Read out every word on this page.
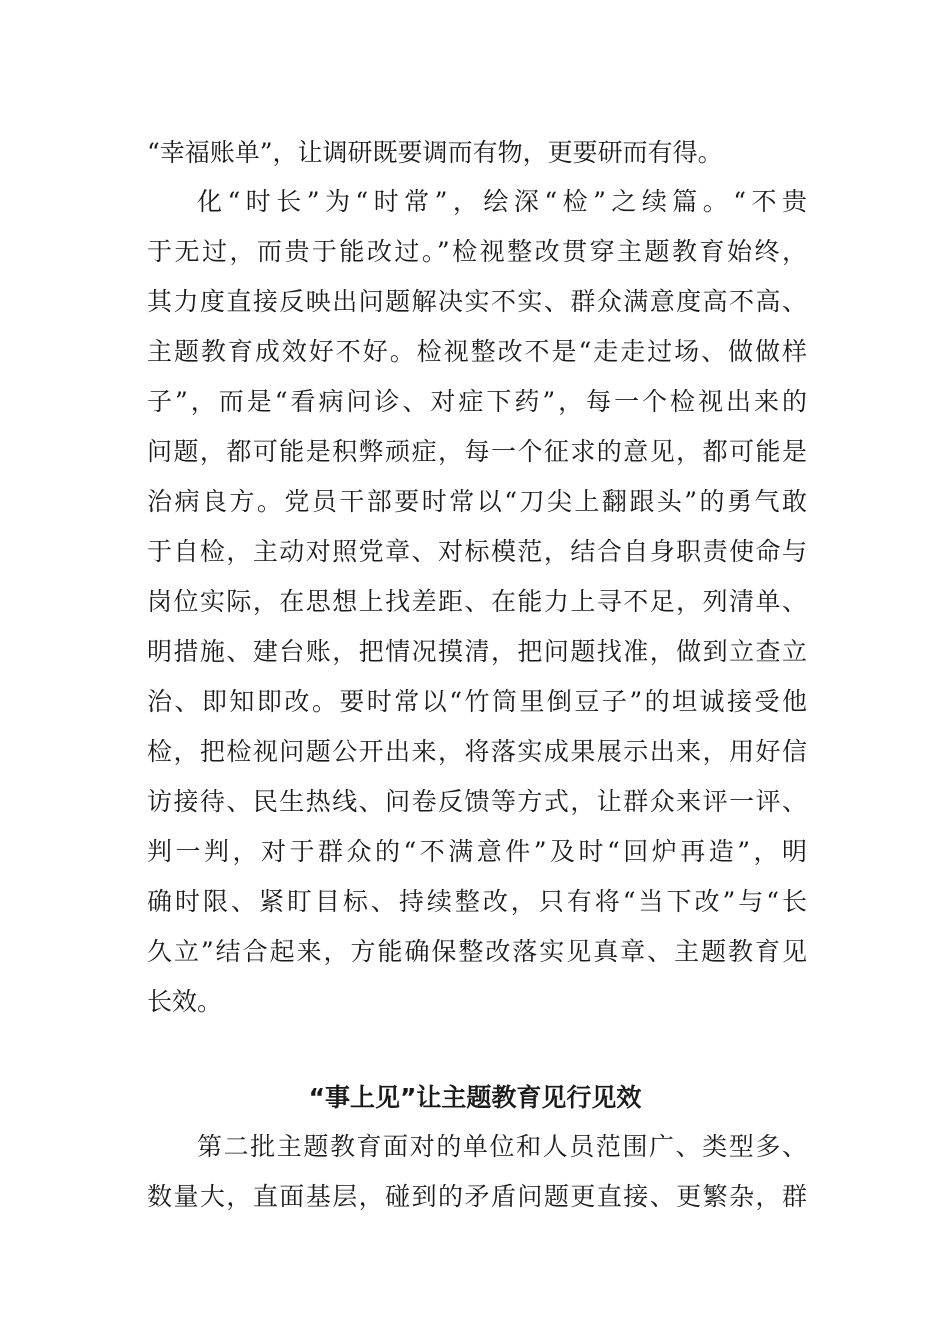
“幸福账单”，让调研既要调而有物，更要研而有得。
化“时长”为“时常”，绘深“检”之续篇。“不贵
于无过，而贵于能改过。”检视整改贯穿主题教育始终，
其力度直接反映出问题解决实不实、群众满意度高不高、
主题教育成效好不好。检视整改不是“走走过场、做做样
子”，而是“看病问诊、对症下药”，每一个检视出来的
问题，都可能是积弊顽症，每一个征求的意见，都可能是
治病良方。党员干部要时常以“刀尖上翻跟头”的勇气敢
于自检，主动对照党章、对标模范，结合自身职责使命与
岗位实际，在思想上找差距、在能力上寻不足，列清单、
明措施、建台账，把情况摸清，把问题找准，做到立查立
治、即知即改。要时常以“竹筒里倒豆子”的坦诚接受他
检，把检视问题公开出来，将落实成果展示出来，用好信
访接待、民生热线、问卷反馈等方式，让群众来评一评、
判一判，对于群众的“不满意件”及时“回炉再造”，明
确时限、紧盯目标、持续整改，只有将“当下改”与“长
久立”结合起来，方能确保整改落实见真章、主题教育见
长效。
“事上见”让主题教育见行见效
第二批主题教育面对的单位和人员范围广、类型多、
数量大，直面基层，碰到的矛盾问题更直接、更繁杂，群
